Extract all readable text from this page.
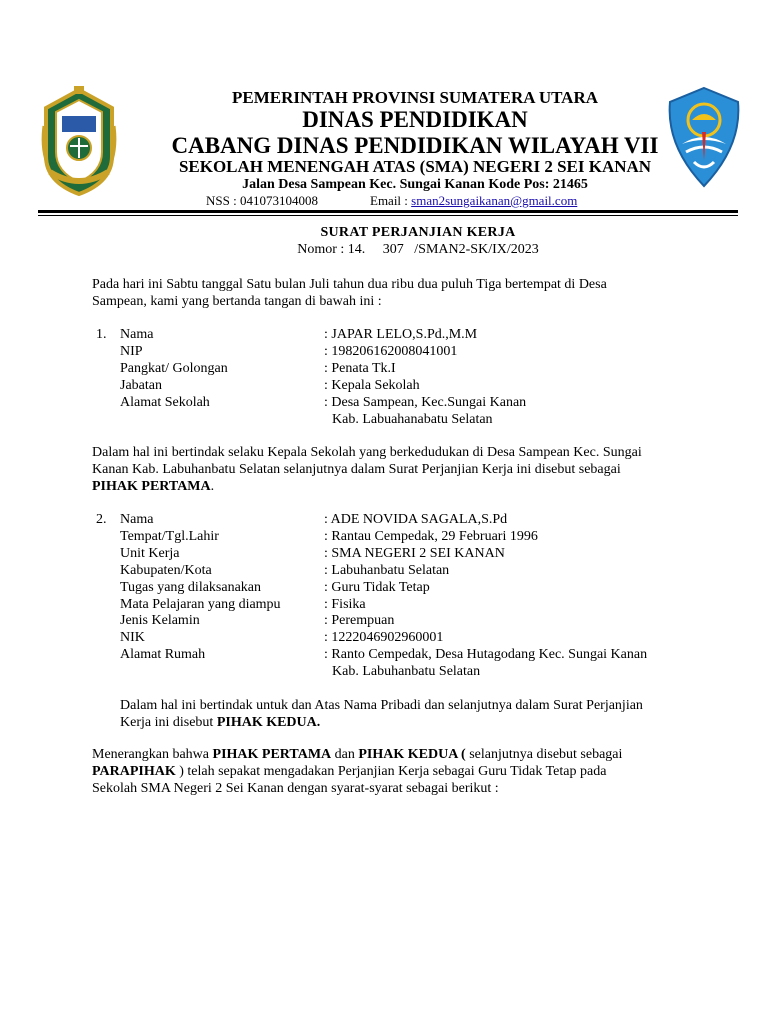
PEMERINTAH PROVINSI SUMATERA UTARA
DINAS PENDIDIKAN
CABANG DINAS PENDIDIKAN WILAYAH VII
SEKOLAH MENENGAH ATAS (SMA) NEGERI 2 SEI KANAN
Jalan Desa Sampean Kec. Sungai Kanan Kode Pos: 21465
NSS : 041073104008	Email : sman2sungaikanan@gmail.com
SURAT PERJANJIAN KERJA
Nomor : 14.     307   /SMAN2-SK/IX/2023
Pada hari ini Sabtu tanggal Satu bulan Juli tahun dua ribu dua puluh Tiga bertempat di Desa
Sampean, kami yang bertanda tangan di bawah ini :
1. Nama	: JAPAR LELO,S.Pd.,M.M
NIP	: 198206162008041001
Pangkat/ Golongan	: Penata Tk.I
Jabatan	: Kepala Sekolah
Alamat Sekolah	: Desa Sampean, Kec.Sungai Kanan
Kab. Labuahanabatu Selatan
Dalam hal ini bertindak selaku Kepala Sekolah yang berkedudukan di Desa Sampean Kec. Sungai
Kanan Kab. Labuhanbatu Selatan selanjutnya dalam Surat Perjanjian Kerja ini disebut sebagai
PIHAK PERTAMA.
2. Nama	: ADE NOVIDA SAGALA,S.Pd
Tempat/Tgl.Lahir	: Rantau Cempedak, 29 Februari 1996
Unit Kerja	: SMA NEGERI 2 SEI KANAN
Kabupaten/Kota	: Labuhanbatu Selatan
Tugas yang dilaksanakan	: Guru Tidak Tetap
Mata Pelajaran yang diampu	: Fisika
Jenis Kelamin	: Perempuan
NIK	: 1222046902960001
Alamat Rumah	: Ranto Cempedak, Desa Hutagodang Kec. Sungai Kanan
Kab. Labuhanbatu Selatan
Dalam hal ini bertindak untuk dan Atas Nama Pribadi dan selanjutnya dalam Surat Perjanjian
Kerja ini disebut PIHAK KEDUA.
Menerangkan bahwa PIHAK PERTAMA dan PIHAK KEDUA ( selanjutnya disebut sebagai
PARAPIHAK ) telah sepakat mengadakan Perjanjian Kerja sebagai Guru Tidak Tetap pada
Sekolah SMA Negeri 2 Sei Kanan dengan syarat-syarat sebagai berikut :
